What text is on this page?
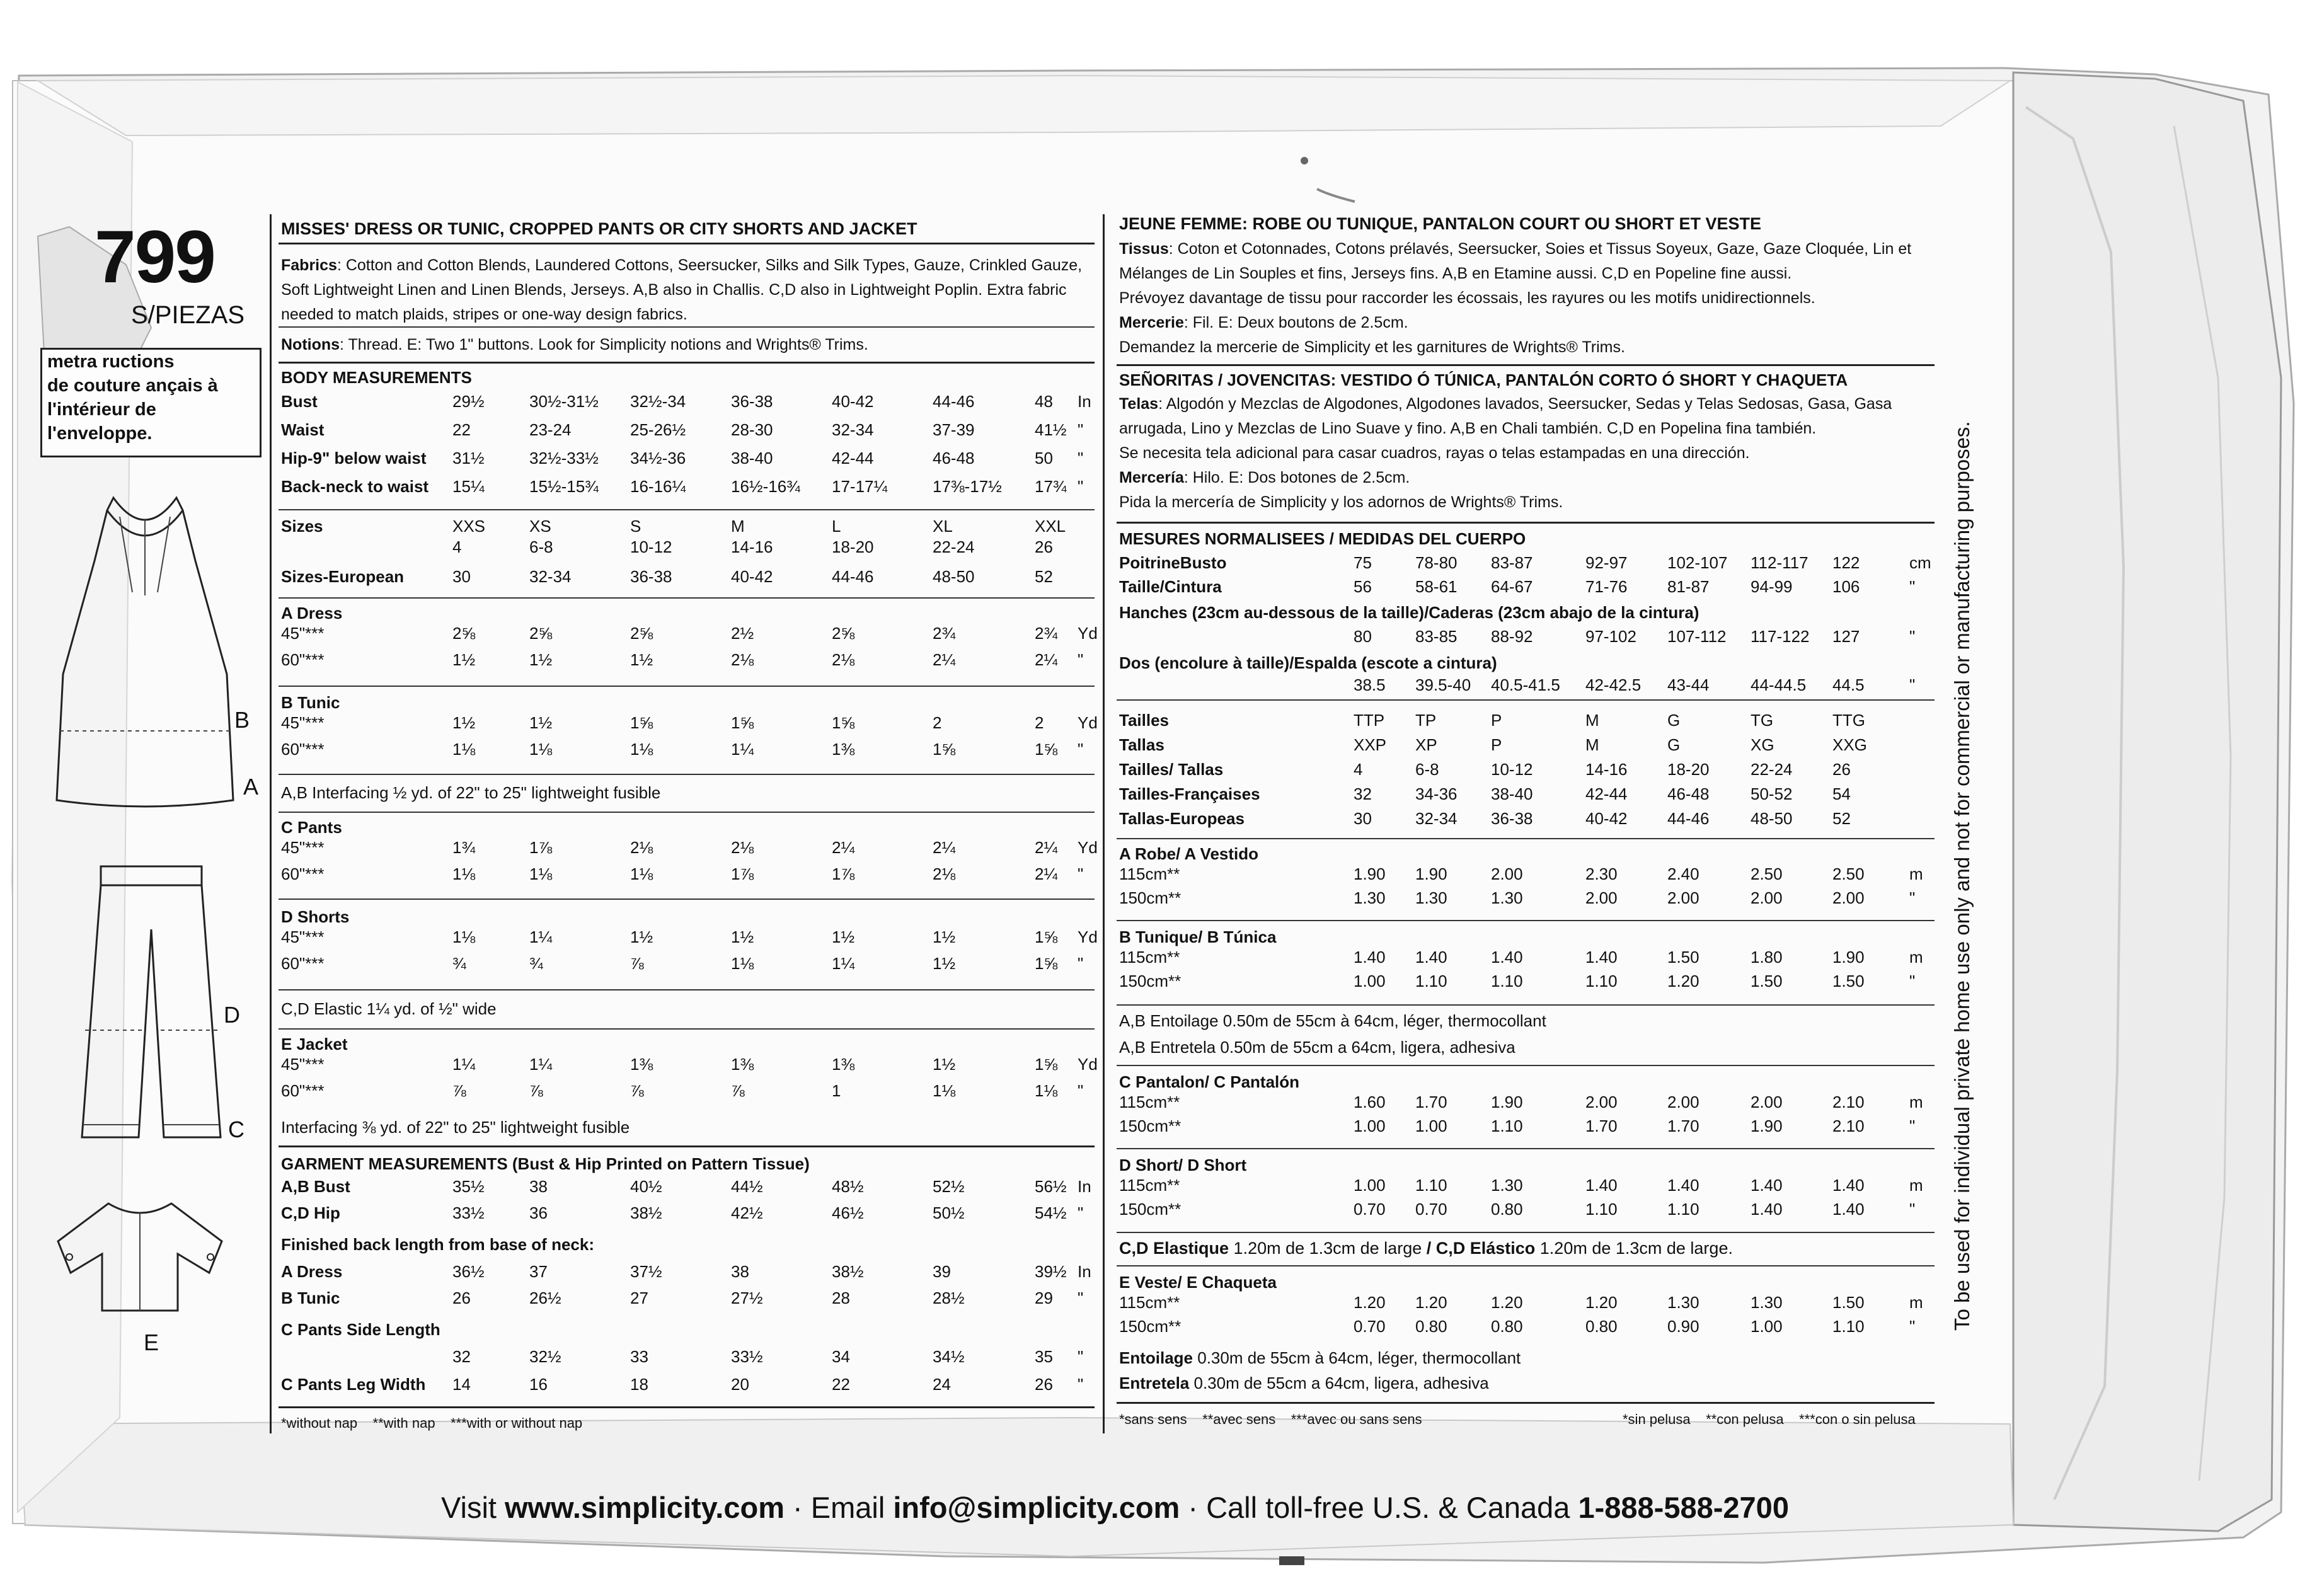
799
S/PIEZAS
metra ructions
de couture ançais à
l'intérieur de
l'enveloppe.
B
A
D
C
E
MISSES' DRESS OR TUNIC, CROPPED PANTS OR CITY SHORTS AND JACKET

Fabrics: Cotton and Cotton Blends, Laundered Cottons, Seersucker, Silks and Silk Types, Gauze, Crinkled Gauze,

Soft Lightweight Linen and Linen Blends, Jerseys. A,B also in Challis. C,D also in Lightweight Poplin. Extra fabric

needed to match plaids, stripes or one-way design fabrics.

Notions: Thread. E: Two 1" buttons. Look for Simplicity notions and Wrights® Trims.

BODY MEASUREMENTS
Bust	29½	30½-31½ 32½-34	36-38	40-42	44-46	48 In
Waist	22	23-24	25-26½	28-30	32-34	37-39	41½ "
Hip-9" below waist 31½	32½-33½ 34½-36	38-40	42-44	46-48	50 "
Back-neck to waist 15¼	15½-15¾ 16-16¼	16½-16¾ 17-17¼	17⅜-17½ 17¾ "
Sizes	XXS	XS	S	M	L	XL	XXL
4	6-8	10-12	14-16	18-20	22-24	26
Sizes-European	30	32-34	36-38	40-42	44-46	48-50	52
A Dress
45"***	2⅝	2⅝	2⅝	2½	2⅝	2¾	2¾ Yd
60"***	1½	1½	1½	2⅛	2⅛	2¼	2¼ "
B Tunic
45"***	1½	1½	1⅝	1⅝	1⅝	2	2 Yd
60"***	1⅛	1⅛	1⅛	1¼	1⅜	1⅝	1⅝ "
A,B Interfacing ½ yd. of 22" to 25" lightweight fusible
C Pants
45"***	1¾	1⅞	2⅛	2⅛	2¼	2¼	2¼ Yd
60"***	1⅛	1⅛	1⅛	1⅞	1⅞	2⅛	2¼ "
D Shorts
45"***	1⅛	1¼	1½	1½	1½	1½	1⅝ Yd
60"***	¾	¾	⅞	1⅛	1¼	1½	1⅝ "
C,D Elastic 1¼ yd. of ½" wide
E Jacket
45"***	1¼	1¼	1⅜	1⅜	1⅜	1½	1⅝ Yd
60"***	⅞	⅞	⅞	⅞	1	1⅛	1⅛ "
Interfacing ⅜ yd. of 22" to 25" lightweight fusible
GARMENT MEASUREMENTS (Bust & Hip Printed on Pattern Tissue)
A,B Bust	35½	38	40½	44½	48½	52½	56½ In
C,D Hip	33½	36	38½	42½	46½	50½	54½ "
Finished back length from base of neck:
A Dress	36½	37	37½	38	38½	39	39½ In
B Tunic	26	26½	27	27½	28	28½	29 "
C Pants Side Length
32	32½	33	33½	34	34½	35 "
C Pants Leg Width 14	16	18	20	22	24	26 "
*without nap    **with nap    ***with or without nap
JEUNE FEMME: ROBE OU TUNIQUE, PANTALON COURT OU SHORT ET VESTE

Tissus: Coton et Cotonnades, Cotons prélavés, Seersucker, Soies et Tissus Soyeux, Gaze, Gaze Cloquée, Lin et

Mélanges de Lin Souples et fins, Jerseys fins. A,B en Etamine aussi. C,D en Popeline fine aussi.

Prévoyez davantage de tissu pour raccorder les écossais, les rayures ou les motifs unidirectionnels.

Mercerie: Fil. E: Deux boutons de 2.5cm.

Demandez la mercerie de Simplicity et les garnitures de Wrights® Trims.

SEÑORITAS / JOVENCITAS: VESTIDO Ó TÚNICA, PANTALÓN CORTO Ó SHORT Y CHAQUETA

Telas: Algodón y Mezclas de Algodones, Algodones lavados, Seersucker, Sedas y Telas Sedosas, Gasa, Gasa

arrugada, Lino y Mezclas de Lino Suave y fino. A,B en Chali también. C,D en Popelina fina también.

Se necesita tela adicional para casar cuadros, rayas o telas estampadas en una dirección.

Mercería: Hilo. E: Dos botones de 2.5cm.

Pida la mercería de Simplicity y los adornos de Wrights® Trims.

MESURES NORMALISEES / MEDIDAS DEL CUERPO
PoitrineBusto	75	78-80 83-87	92-97 102-107 112-117 122	cm
Taille/Cintura	56	58-61 64-67	71-76 81-87	94-99 106	"
Hanches (23cm au-dessous de la taille)/Caderas (23cm abajo de la cintura)
80	83-85 88-92	97-102 107-112 117-122 127	"
Dos (encolure à taille)/Espalda (escote a cintura)
38.5 39.5-40 40.5-41.5 42-42.5 43-44	44-44.5 44.5	"
Tailles	TTP TP	P	M	G	TG	TTG
Tallas	XXP XP	P	M	G	XG	XXG
Tailles/ Tallas	4	6-8	10-12	14-16 18-20	22-24 26
Tailles-Françaises	32	34-36 38-40	42-44 46-48	50-52 54
Tallas-Europeas	30	32-34 36-38	40-42 44-46	48-50 52
A Robe/ A Vestido
115cm**	1.90 1.90	2.00	2.30	2.40	2.50	2.50	m
150cm**	1.30 1.30	1.30	2.00	2.00	2.00	2.00	"
B Tunique/ B Túnica
115cm**	1.40 1.40	1.40	1.40	1.50	1.80	1.90	m
150cm**	1.00 1.10	1.10	1.10	1.20	1.50	1.50	"
A,B Entoilage 0.50m de 55cm à 64cm, léger, thermocollant
A,B Entretela 0.50m de 55cm a 64cm, ligera, adhesiva
C Pantalon/ C Pantalón
115cm**	1.60 1.70	1.90	2.00	2.00	2.00	2.10	m
150cm**	1.00 1.00	1.10	1.70	1.70	1.90	2.10	"
D Short/ D Short
115cm**	1.00 1.10	1.30	1.40	1.40	1.40	1.40	m
150cm**	0.70 0.70	0.80	1.10	1.10	1.40	1.40	"
C,D Elastique 1.20m de 1.3cm de large / C,D Elástico 1.20m de 1.3cm de large.
E Veste/ E Chaqueta
115cm**	1.20 1.20	1.20	1.20	1.30	1.30	1.50	m
150cm**	0.70 0.80	0.80	0.80	0.90	1.00	1.10	"
Entoilage 0.30m de 55cm à 64cm, léger, thermocollant
Entretela 0.30m de 55cm a 64cm, ligera, adhesiva
*sans sens    **avec sens    ***avec ou sans sens	*sin pelusa    **con pelusa    ***con o sin pelusa
To be used for individual private home use only and not for commercial or manufacturing purposes.
Visit www.simplicity.com · Email info@simplicity.com · Call toll-free U.S. & Canada 1-888-588-2700
